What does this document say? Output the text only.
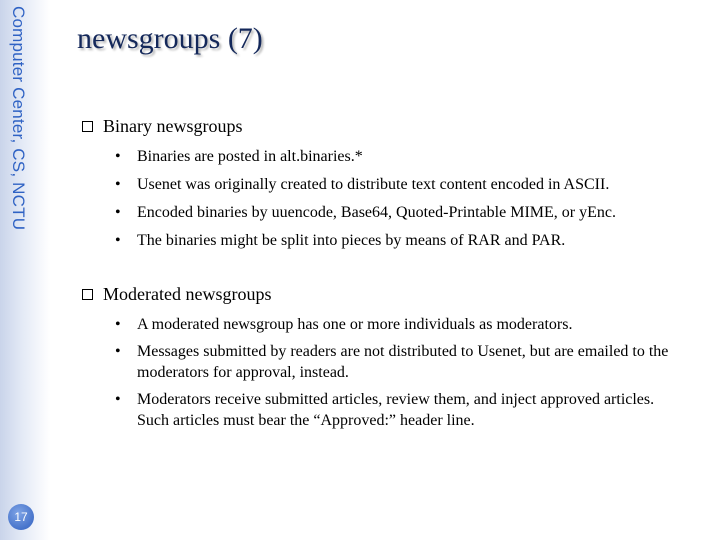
Computer Center, CS, NCTU
17
newsgroups (7)
Binary newsgroups
• Binaries are posted in alt.binaries.*
• Usenet was originally created to distribute text content encoded in ASCII.
• Encoded binaries by uuencode, Base64, Quoted-Printable MIME, or yEnc.
• The binaries might be split into pieces by means of RAR and PAR.
Moderated newsgroups
• A moderated newsgroup has one or more individuals as moderators.
• Messages submitted by readers are not distributed to Usenet, but are emailed to the moderators for approval, instead.
• Moderators receive submitted articles, review them, and inject approved articles. Such articles must bear the “Approved:” header line.
